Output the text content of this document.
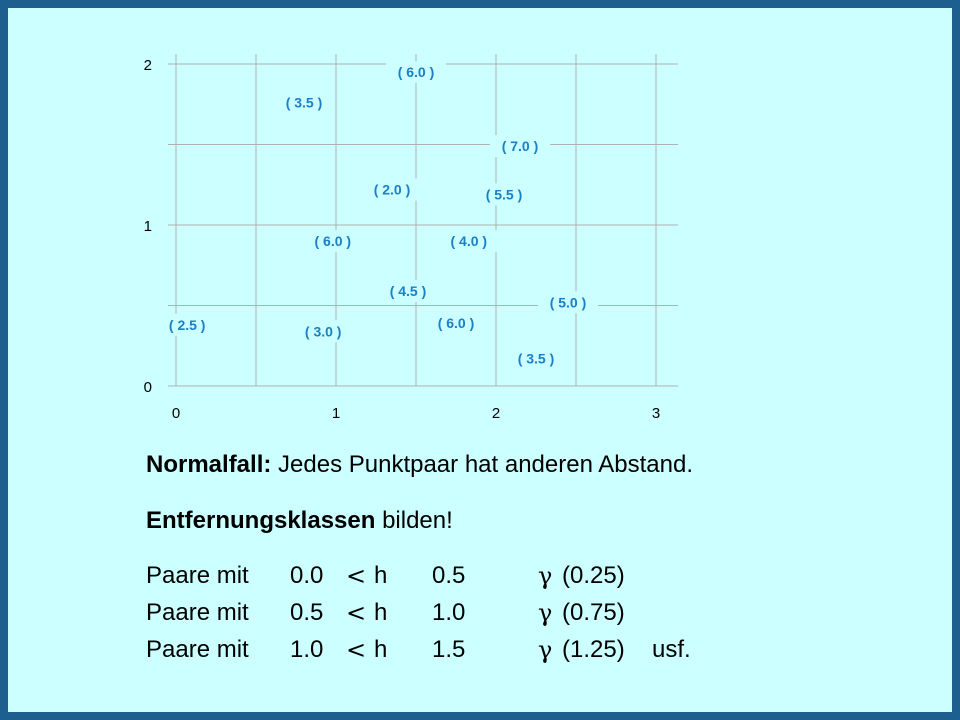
0	1	2	3
0
1
2	( 6.0 )
( 3.5 )
( 7.0 )
( 2.0 )	( 5.5 )
( 6.0 )	( 4.0 )
( 4.5 )
( 5.0 )
( 2.5 )	( 6.0 )
( 3.0 )
( 3.5 )
Normalfall: Jedes Punktpaar hat anderen Abstand.
Entfernungsklassen bilden!
Paare mit 0.0 < h 0.5	γ (0.25)
Paare mit 0.5 < h 1.0	γ (0.75)
Paare mit 1.0 < h 1.5	γ (1.25) usf.
